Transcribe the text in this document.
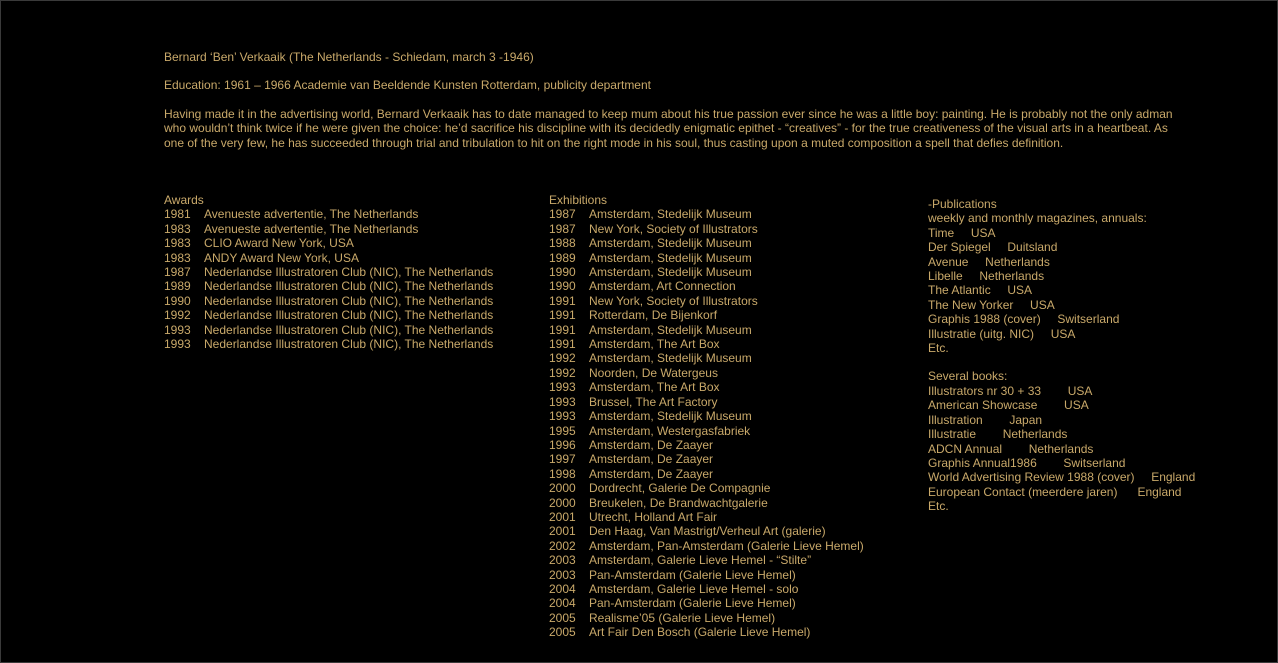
Bernard ‘Ben’ Verkaaik (The Netherlands - Schiedam, march 3 -1946)

Education: 1961 – 1966 Academie van Beeldende Kunsten Rotterdam, publicity department

Having made it in the advertising world, Bernard Verkaaik has to date managed to keep mum about his true passion ever since he was a little boy: painting. He is probably not the only adman who wouldn’t think twice if he were given the choice: he’d sacrifice his discipline with its decidedly enigmatic epithet - “creatives” - for the true creativeness of the visual arts in a heartbeat. As one of the very few, he has succeeded through trial and tribulation to hit on the right mode in his soul, thus casting upon a muted composition a spell that defies definition.

Awards
1981 Avenueste advertentie, The Netherlands
1983 Avenueste advertentie, The Netherlands
1983 CLIO Award New York, USA
1983 ANDY Award New York, USA
1987 Nederlandse Illustratoren Club (NIC), The Netherlands
1989 Nederlandse Illustratoren Club (NIC), The Netherlands
1990 Nederlandse Illustratoren Club (NIC), The Netherlands
1992 Nederlandse Illustratoren Club (NIC), The Netherlands
1993 Nederlandse Illustratoren Club (NIC), The Netherlands
1993 Nederlandse Illustratoren Club (NIC), The Netherlands
Exhibitions
1987 Amsterdam, Stedelijk Museum
1987 New York, Society of Illustrators
1988 Amsterdam, Stedelijk Museum
1989 Amsterdam, Stedelijk Museum
1990 Amsterdam, Stedelijk Museum
1990 Amsterdam, Art Connection
1991 New York, Society of Illustrators
1991 Rotterdam, De Bijenkorf
1991 Amsterdam, Stedelijk Museum
1991 Amsterdam, The Art Box
1992 Amsterdam, Stedelijk Museum
1992 Noorden, De Watergeus
1993 Amsterdam, The Art Box
1993 Brussel, The Art Factory
1993 Amsterdam, Stedelijk Museum
1995 Amsterdam, Westergasfabriek
1996 Amsterdam, De Zaayer
1997 Amsterdam, De Zaayer
1998 Amsterdam, De Zaayer
2000 Dordrecht, Galerie De Compagnie
2000 Breukelen, De Brandwachtgalerie
2001 Utrecht, Holland Art Fair
2001 Den Haag, Van Mastrigt/Verheul Art (galerie)
2002 Amsterdam, Pan-Amsterdam (Galerie Lieve Hemel)
2003 Amsterdam, Galerie Lieve Hemel - “Stilte”
2003 Pan-Amsterdam (Galerie Lieve Hemel)
2004 Amsterdam, Galerie Lieve Hemel - solo
2004 Pan-Amsterdam (Galerie Lieve Hemel)
2005 Realisme’05 (Galerie Lieve Hemel)
2005 Art Fair Den Bosch (Galerie Lieve Hemel)
-Publications
weekly and monthly magazines, annuals:
Time     USA
Der Spiegel     Duitsland
Avenue     Netherlands
Libelle     Netherlands
The Atlantic     USA
The New Yorker     USA
Graphis 1988 (cover)     Switserland
Illustratie (uitg. NIC)     USA
Etc.
Several books:
Illustrators nr 30 + 33        USA
American Showcase        USA
Illustration        Japan
Illustratie        Netherlands
ADCN Annual        Netherlands
Graphis Annual1986        Switserland
World Advertising Review 1988 (cover)     England
European Contact (meerdere jaren)      England
Etc.
